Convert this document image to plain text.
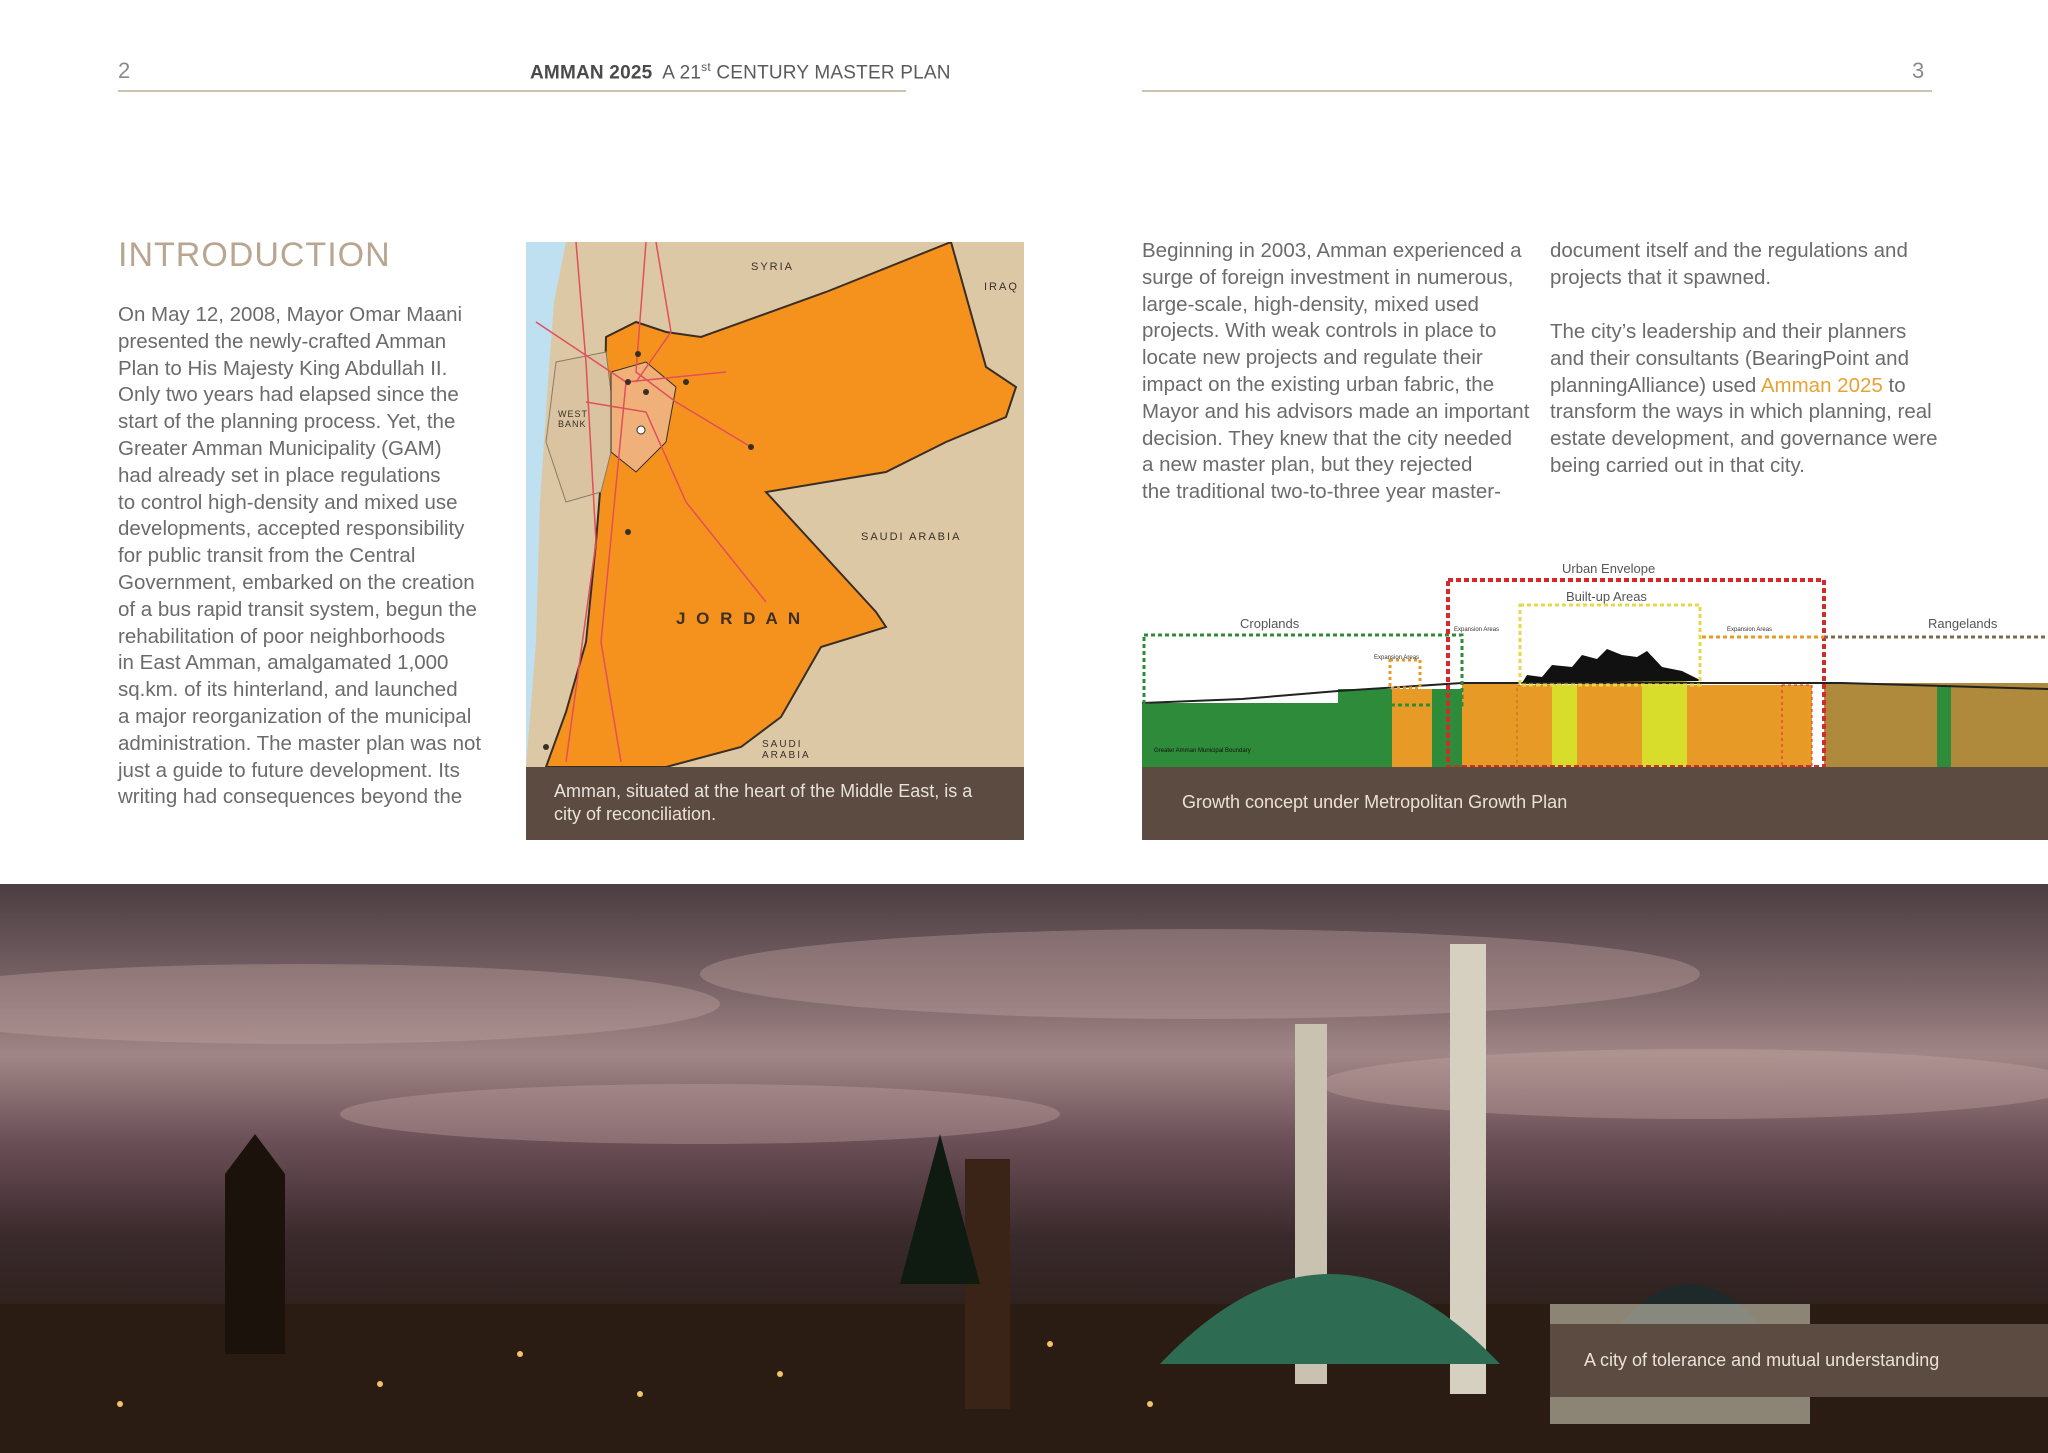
2	AMMAN 2025 A 21st CENTURY MASTER PLAN	3
INTRODUCTION
On May 12, 2008, Mayor Omar Maani
presented the newly-crafted Amman
Plan to His Majesty King Abdullah II.
Only two years had elapsed since the
start of the planning process. Yet, the
Greater Amman Municipality (GAM)
had already set in place regulations
to control high-density and mixed use
developments, accepted responsibility
for public transit from the Central
Government, embarked on the creation
of a bus rapid transit system, begun the
rehabilitation of poor neighborhoods
in East Amman, amalgamated 1,000
sq.km. of its hinterland, and launched
a major reorganization of the municipal
administration. The master plan was not
just a guide to future development. Its
writing had consequences beyond the
SYRIA
IRAQ
WEST BANK
SAUDI ARABIA
J O R D A N
SAUDI ARABIA
Amman, situated at the heart of the Middle East, is a
city of reconciliation.
Beginning in 2003, Amman experienced a
surge of foreign investment in numerous,
large-scale, high-density, mixed used
projects. With weak controls in place to
locate new projects and regulate their
impact on the existing urban fabric, the
Mayor and his advisors made an important
decision. They knew that the city needed
a new master plan, but they rejected
the traditional two-to-three year master-
document itself and the regulations and
projects that it spawned.
The city’s leadership and their planners
and their consultants (BearingPoint and
planningAlliance) used Amman 2025 to
transform the ways in which planning, real
estate development, and governance were
being carried out in that city.
Urban Envelope
Built-up Areas
Croplands	Rangelands
Expansion Areas
Expansion Areas
Expansion Areas
Greater Amman Municipal Boundary
Growth concept under Metropolitan Growth Plan
A city of tolerance and mutual understanding
